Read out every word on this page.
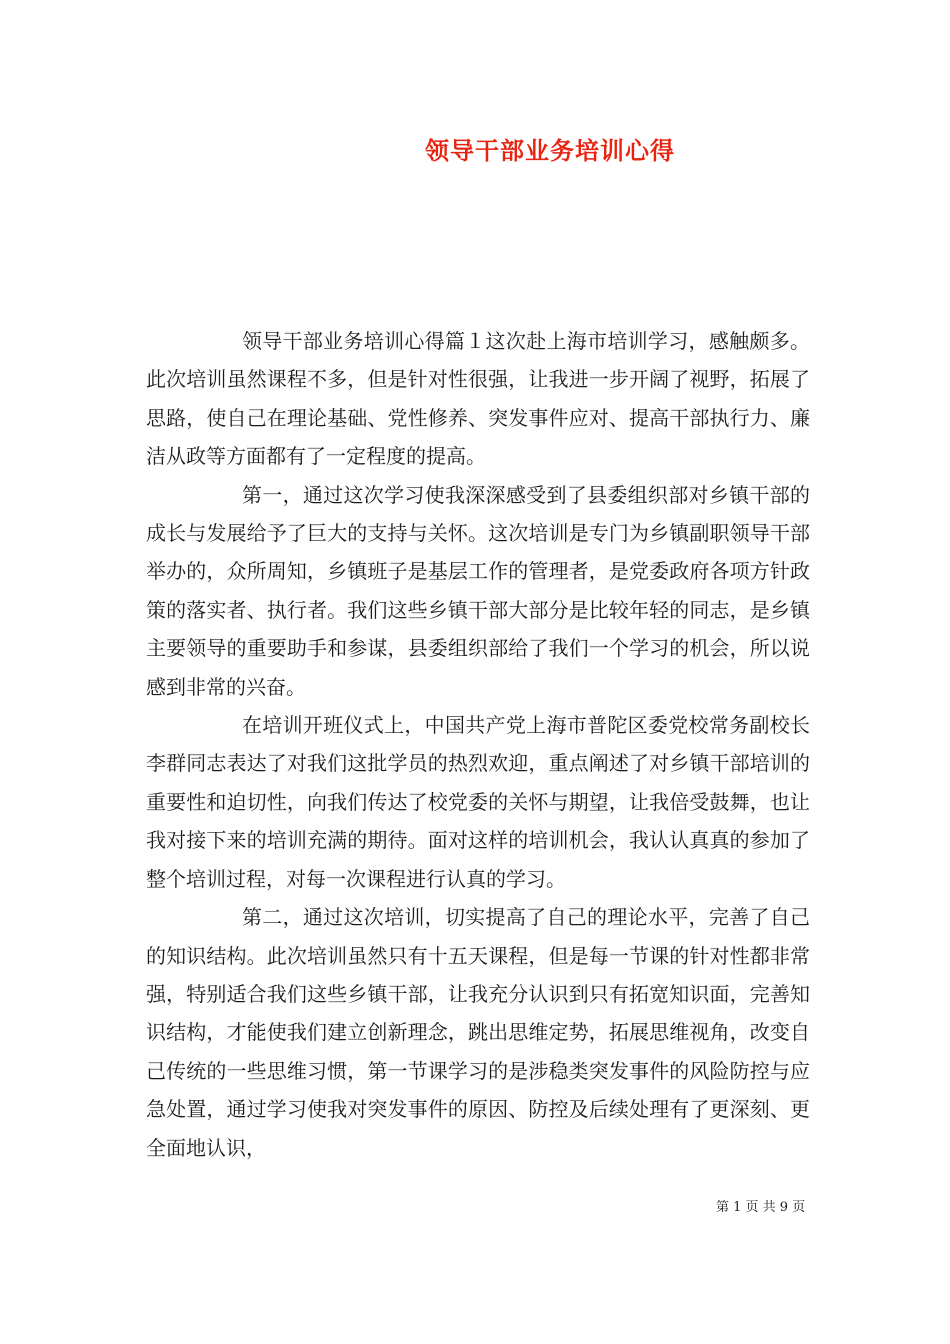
领导干部业务培训心得

领导干部业务培训心得篇１这次赴上海市培训学习，感触颇多。此次培训虽然课程不多，但是针对性很强，让我进一步开阔了视野，拓展了思路，使自己在理论基础、党性修养、突发事件应对、提高干部执行力、廉洁从政等方面都有了一定程度的提高。

第一，通过这次学习使我深深感受到了县委组织部对乡镇干部的成长与发展给予了巨大的支持与关怀。这次培训是专门为乡镇副职领导干部举办的，众所周知，乡镇班子是基层工作的管理者，是党委政府各项方针政策的落实者、执行者。我们这些乡镇干部大部分是比较年轻的同志，是乡镇主要领导的重要助手和参谋，县委组织部给了我们一个学习的机会，所以说感到非常的兴奋。

在培训开班仪式上，中国共产党上海市普陀区委党校常务副校长李群同志表达了对我们这批学员的热烈欢迎，重点阐述了对乡镇干部培训的重要性和迫切性，向我们传达了校党委的关怀与期望，让我倍受鼓舞，也让我对接下来的培训充满的期待。面对这样的培训机会，我认认真真的参加了整个培训过程，对每一次课程进行认真的学习。

第二，通过这次培训，切实提高了自己的理论水平，完善了自己的知识结构。此次培训虽然只有十五天课程，但是每一节课的针对性都非常强，特别适合我们这些乡镇干部，让我充分认识到只有拓宽知识面，完善知识结构，才能使我们建立创新理念，跳出思维定势，拓展思维视角，改变自己传统的一些思维习惯，第一节课学习的是涉稳类突发事件的风险防控与应急处置，通过学习使我对突发事件的原因、防控及后续处理有了更深刻、更全面地认识，

第 1 页 共 9 页
